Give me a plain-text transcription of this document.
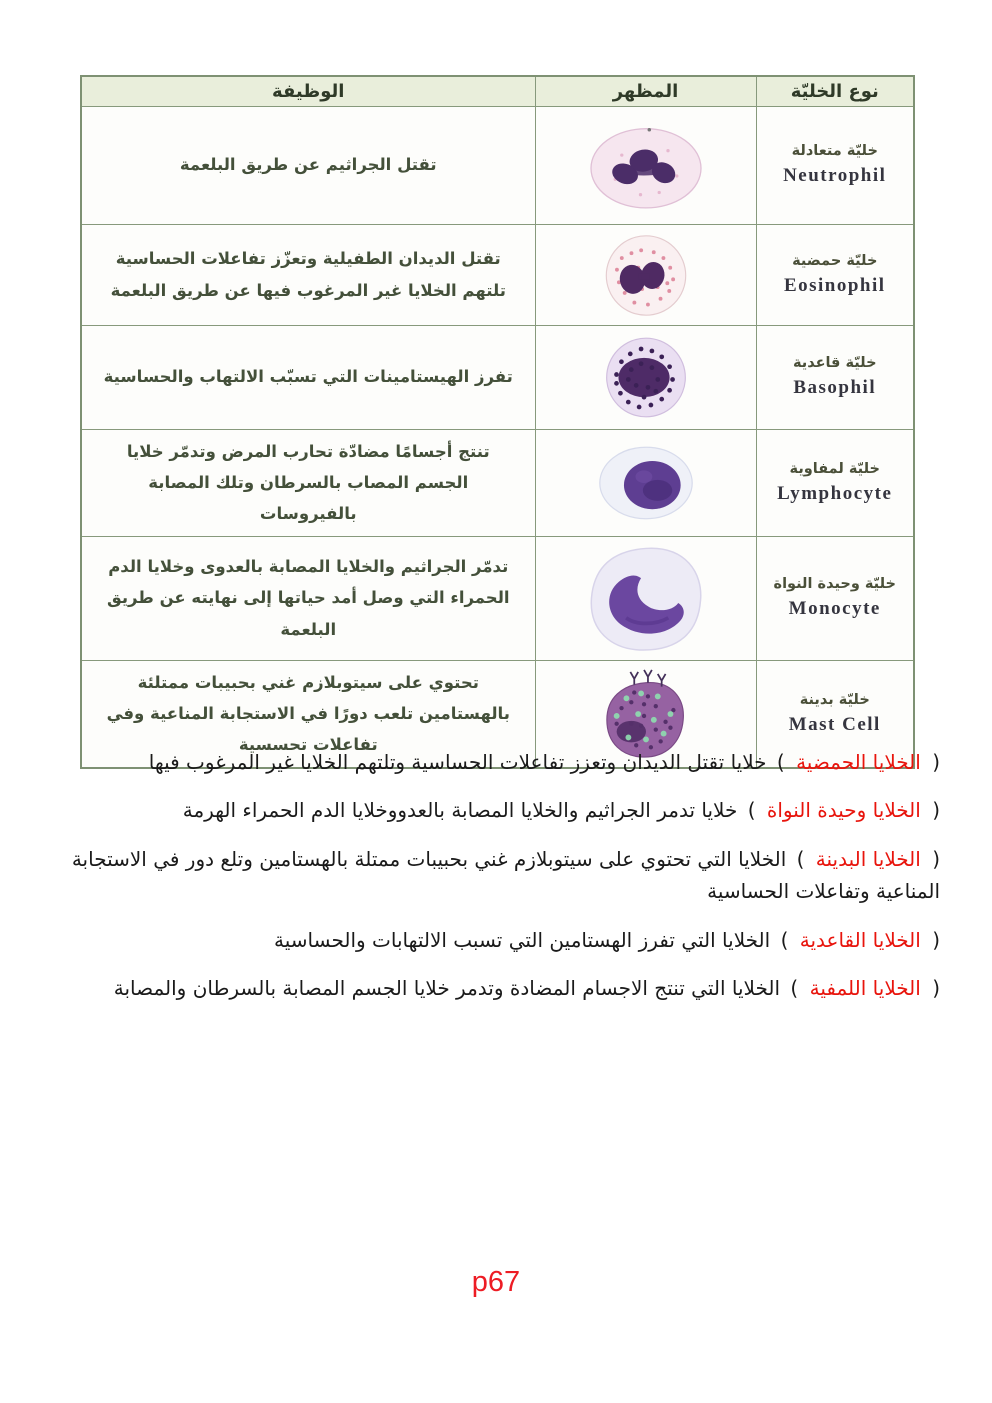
نوع الخليّة	المظهر	الوظيفة

خليّة متعادلة
Neutrophil		تقتل الجراثيم عن طريق البلعمة

خليّة حمضية
Eosinophil		تقتل الديدان الطفيلية وتعزّز تفاعلات الحساسية تلتهم الخلايا غير المرغوب فيها عن طريق البلعمة

خليّة قاعدية
Basophil		تفرز الهيستامينات التي تسبّب الالتهاب والحساسية

خليّة لمفاوية
Lymphocyte		تنتج أجسامًا مضادّة تحارب المرض وتدمّر خلايا الجسم المصاب بالسرطان وتلك المصابة بالفيروسات

خليّة وحيدة النواة
Monocyte		تدمّر الجراثيم والخلايا المصابة بالعدوى وخلايا الدم الحمراء التي وصل أمد حياتها إلى نهايته عن طريق البلعمة

خليّة بدينة
Mast Cell		تحتوي على سيتوبلازم غني بحبيبات ممتلئة بالهستامين تلعب دورًا في الاستجابة المناعية وفي تفاعلات تحسسية

( الخلايا الحمضية ) خلايا تقتل الديدان وتعزز تفاعلات الحساسية وتلتهم الخلايا غير المرغوب فيها

( الخلايا وحيدة النواة ) خلايا تدمر الجراثيم والخلايا المصابة بالعدووخلايا الدم الحمراء الهرمة

( الخلايا البدينة ) الخلايا التي تحتوي على سيتوبلازم غني بحبيبات ممتلة بالهستامين وتلع دور في الاستجابة المناعية وتفاعلات الحساسية

( الخلايا القاعدية ) الخلايا التي تفرز الهستامين التي تسبب الالتهابات والحساسية

( الخلايا اللمفية ) الخلايا التي تنتج الاجسام المضادة وتدمر خلايا الجسم المصابة بالسرطان والمصابة

p67
